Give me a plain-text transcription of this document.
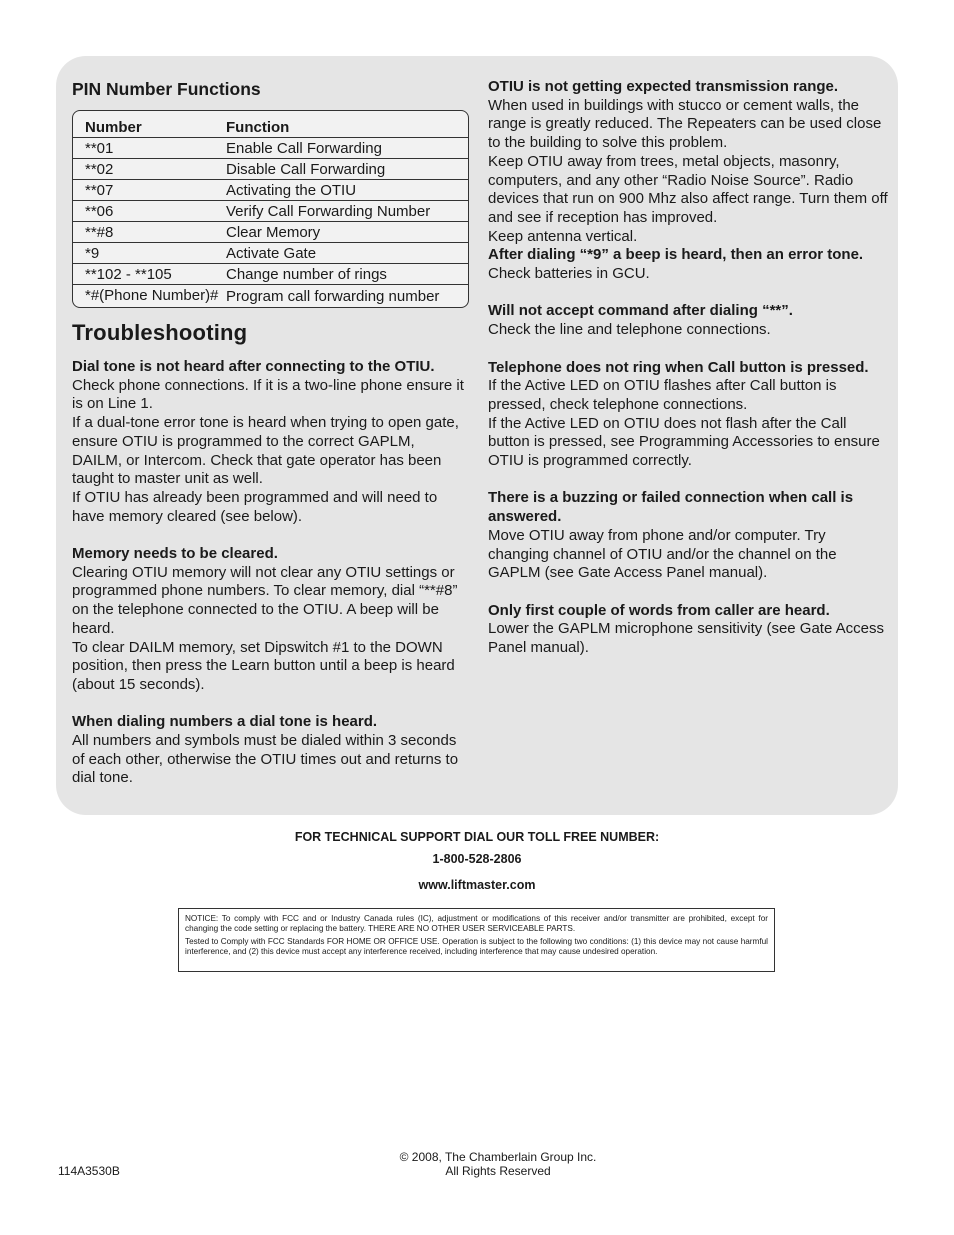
PIN Number Functions
Number	Function
**01	Enable Call Forwarding
**02	Disable Call Forwarding
**07	Activating the OTIU
**06	Verify Call Forwarding Number
**#8	Clear Memory
*9	Activate Gate
**102 - **105	Change number of rings
*#(Phone Number)# Program call forwarding number
Troubleshooting

Dial tone is not heard after connecting to the OTIU.

Check phone connections. If it is a two-line phone ensure it is on Line 1.

If a dual-tone error tone is heard when trying to open gate, ensure OTIU is programmed to the correct GAPLM, DAILM, or Intercom. Check that gate operator has been taught to master unit as well.

If OTIU has already been programmed and will need to have memory cleared (see below).

Memory needs to be cleared.

Clearing OTIU memory will not clear any OTIU settings or programmed phone numbers. To clear memory, dial “**#8” on the telephone connected to the OTIU. A beep will be heard.

To clear DAILM memory, set Dipswitch #1 to the DOWN position, then press the Learn button until a beep is heard (about 15 seconds).

When dialing numbers a dial tone is heard.

All numbers and symbols must be dialed within 3 seconds of each other, otherwise the OTIU times out and returns to dial tone.

OTIU is not getting expected transmission range.

When used in buildings with stucco or cement walls, the range is greatly reduced. The Repeaters can be used close to the building to solve this problem.

Keep OTIU away from trees, metal objects, masonry, computers, and any other “Radio Noise Source”. Radio devices that run on 900 Mhz also affect range. Turn them off and see if reception has improved.

Keep antenna vertical.

After dialing “*9” a beep is heard, then an error tone.

Check batteries in GCU.

Will not accept command after dialing “**”.

Check the line and telephone connections.

Telephone does not ring when Call button is pressed.

If the Active LED on OTIU flashes after Call button is pressed, check telephone connections.

If the Active LED on OTIU does not flash after the Call button is pressed, see Programming Accessories to ensure OTIU is programmed correctly.

There is a buzzing or failed connection when call is answered.

Move OTIU away from phone and/or computer. Try changing channel of OTIU and/or the channel on the GAPLM (see Gate Access Panel manual).

Only first couple of words from caller are heard.

Lower the GAPLM microphone sensitivity (see Gate Access Panel manual).

FOR TECHNICAL SUPPORT DIAL OUR TOLL FREE NUMBER:
1-800-528-2806
www.liftmaster.com

NOTICE: To comply with FCC and or Industry Canada rules (IC), adjustment or modifications of this receiver and/or transmitter are prohibited, except for changing the code setting or replacing the battery. THERE ARE NO OTHER USER SERVICEABLE PARTS.

Tested to Comply with FCC Standards FOR HOME OR OFFICE USE. Operation is subject to the following two conditions: (1) this device may not cause harmful interference, and (2) this device must accept any interference received, including interference that may cause undesired operation.

© 2008, The Chamberlain Group Inc.
All Rights Reserved
114A3530B
